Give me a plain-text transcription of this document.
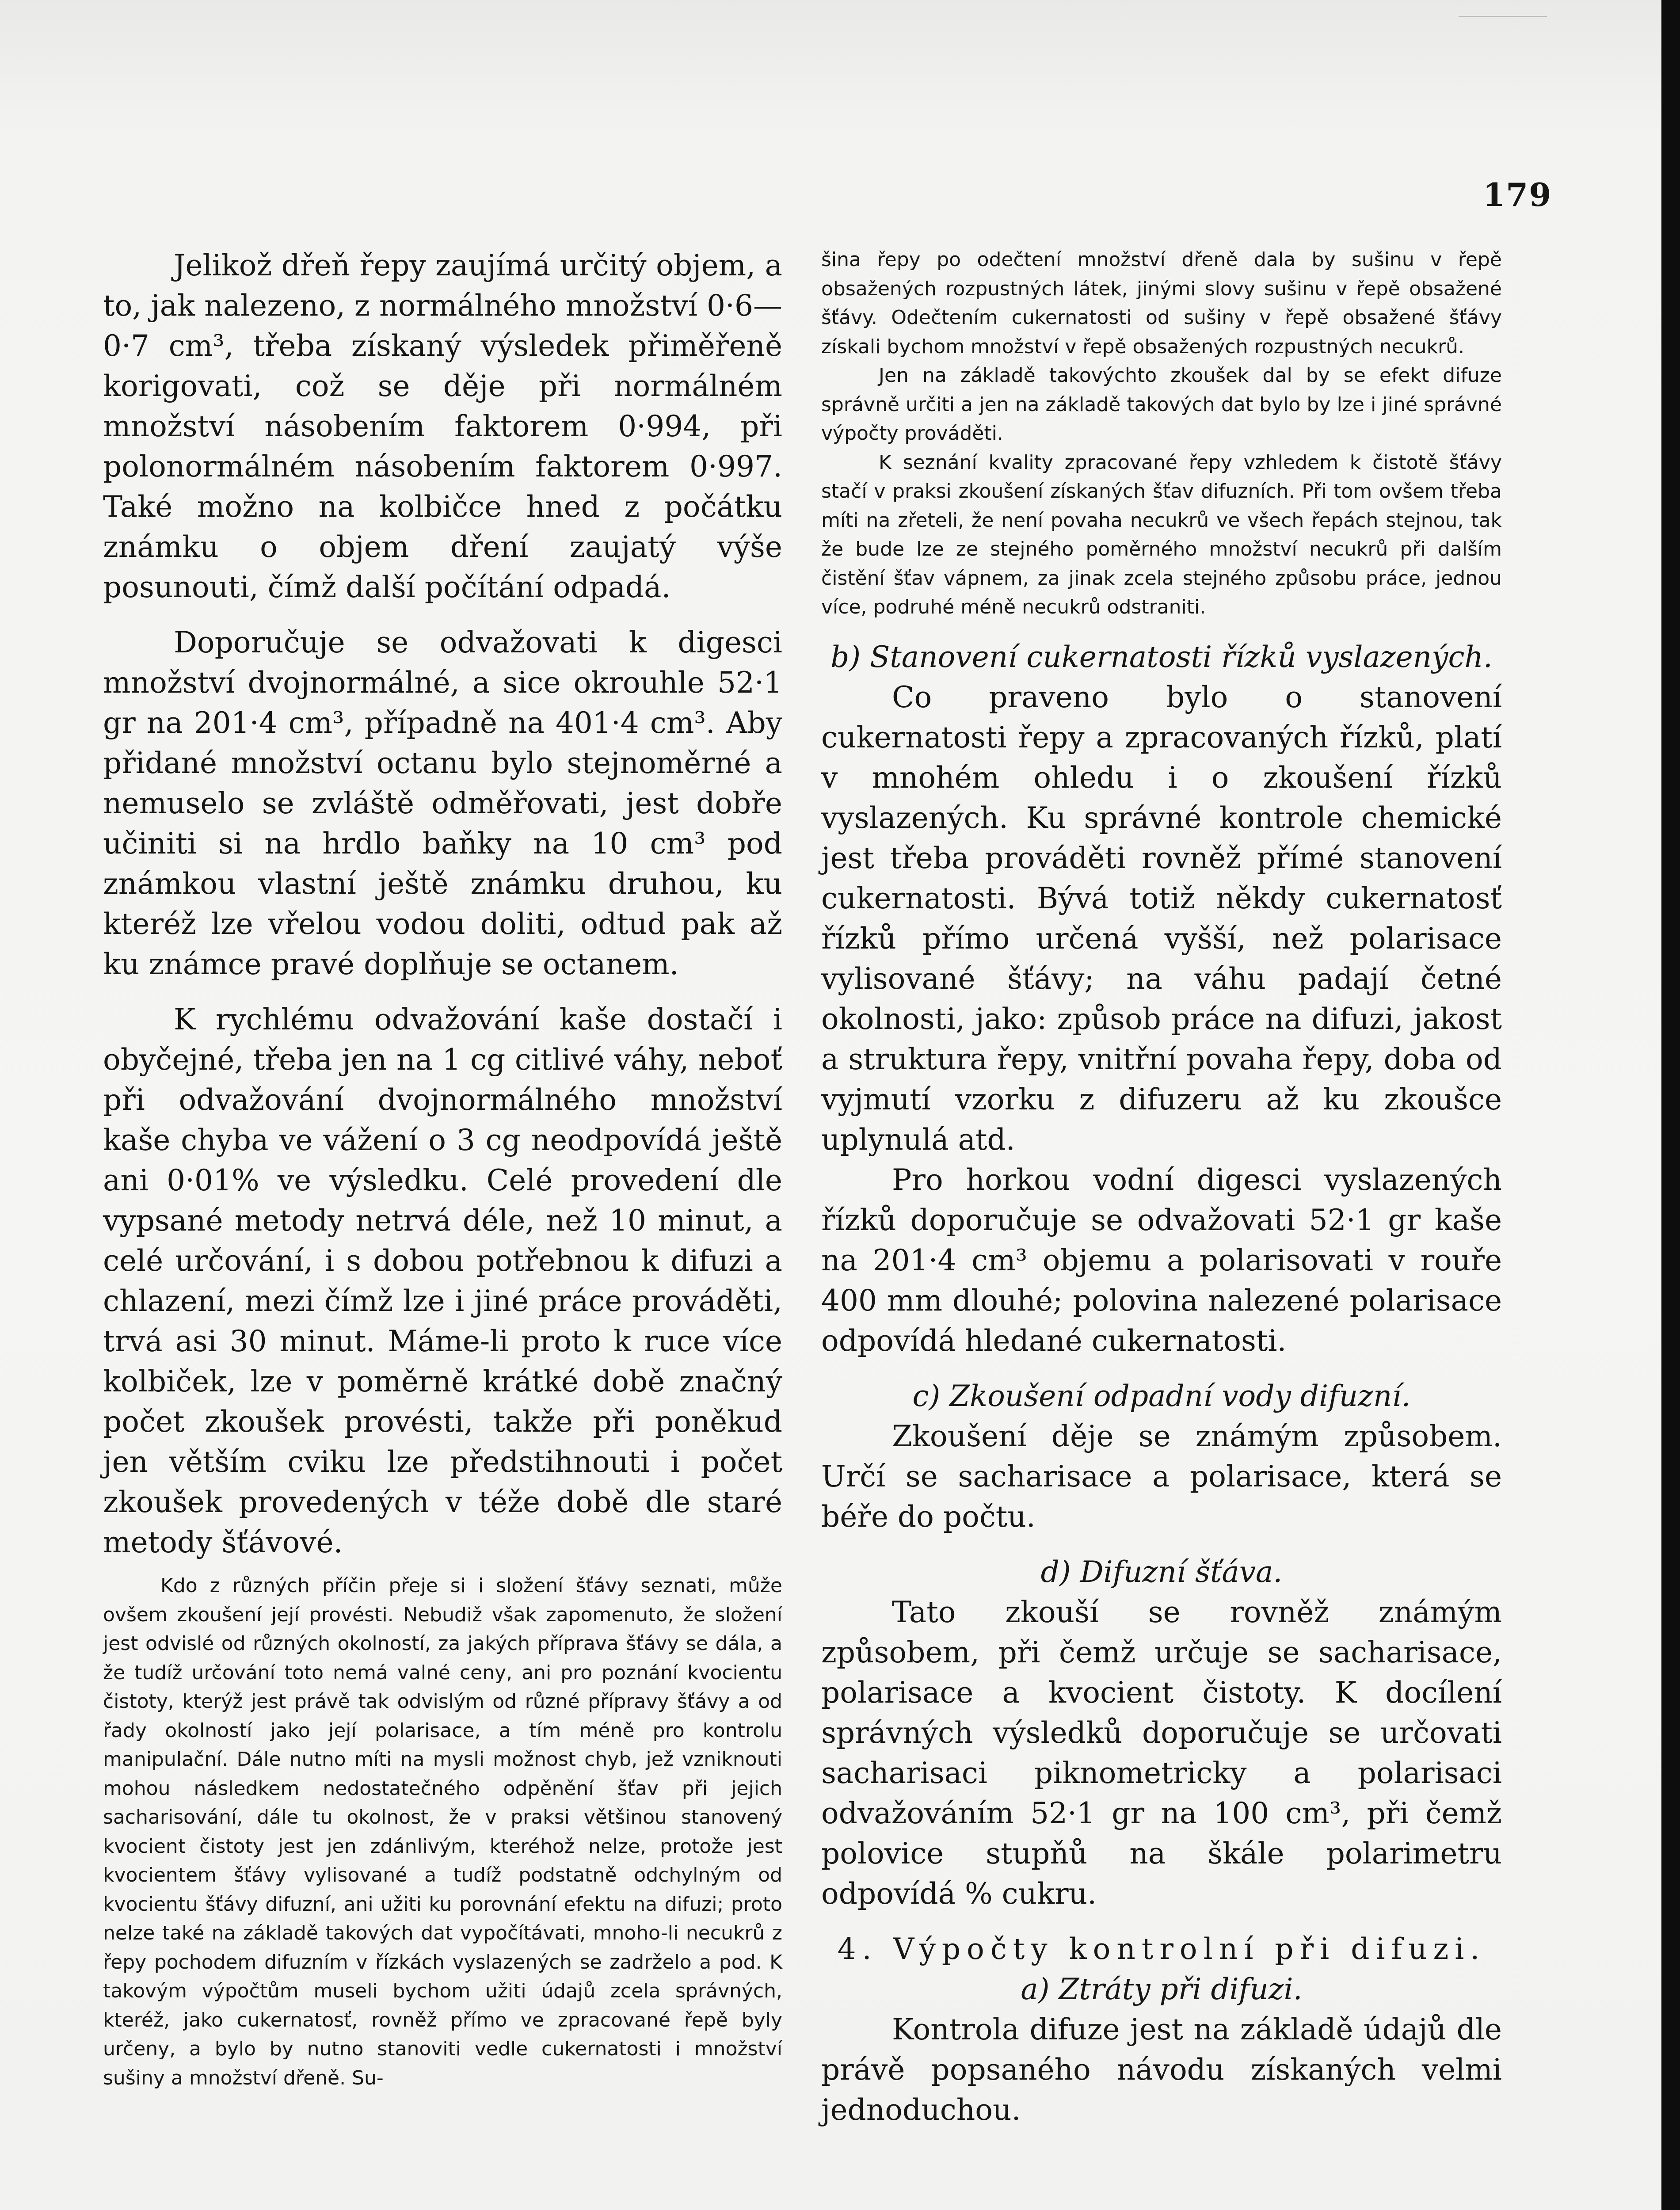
179

Jelikož dřeň řepy zaujímá určitý objem, a to, jak nalezeno, z normálného množství 0·6—0·7 cm³, třeba získaný výsledek přiměřeně korigovati, což se děje při normálném množství násobením faktorem 0·994, při polonormálném násobením faktorem 0·997. Také možno na kolbičce hned z počátku známku o objem dření zaujatý výše posunouti, čímž další počítání odpadá.

Doporučuje se odvažovati k digesci množství dvojnormálné, a sice okrouhle 52·1 gr na 201·4 cm³, případně na 401·4 cm³. Aby přidané množství octanu bylo stejnoměrné a nemuselo se zvláště odměřovati, jest dobře učiniti si na hrdlo baňky na 10 cm³ pod známkou vlastní ještě známku druhou, ku kteréž lze vřelou vodou doliti, odtud pak až ku známce pravé doplňuje se octanem.

K rychlému odvažování kaše dostačí i obyčejné, třeba jen na 1 cg citlivé váhy, neboť při odvažování dvojnormálného množství kaše chyba ve vážení o 3 cg neodpovídá ještě ani 0·01% ve výsledku. Celé provedení dle vypsané metody netrvá déle, než 10 minut, a celé určování, i s dobou potřebnou k difuzi a chlazení, mezi čímž lze i jiné práce prováděti, trvá asi 30 minut. Máme-li proto k ruce více kolbiček, lze v poměrně krátké době značný počet zkoušek provésti, takže při poněkud jen větším cviku lze předstihnouti i počet zkoušek provedených v téže době dle staré metody šťávové.

Kdo z různých příčin přeje si i složení šťávy seznati, může ovšem zkoušení její provésti. Nebudiž však zapomenuto, že složení jest odvislé od různých okolností, za jakých příprava šťávy se dála, a že tudíž určování toto nemá valné ceny, ani pro poznání kvocientu čistoty, kterýž jest právě tak odvislým od různé přípravy šťávy a od řady okolností jako její polarisace, a tím méně pro kontrolu manipulační. Dále nutno míti na mysli možnost chyb, jež vzniknouti mohou následkem nedostatečného odpěnění šťav při jejich sacharisování, dále tu okolnost, že v praksi většinou stanovený kvocient čistoty jest jen zdánlivým, kteréhož nelze, protože jest kvocientem šťávy vylisované a tudíž podstatně odchylným od kvocientu šťávy difuzní, ani užiti ku porovnání efektu na difuzi; proto nelze také na základě takových dat vypočítávati, mnoho-li necukrů z řepy pochodem difuzním v řízkách vyslazených se zadrželo a pod. K takovým výpočtům museli bychom užiti údajů zcela správných, kteréž, jako cukernatosť, rovněž přímo ve zpracované řepě byly určeny, a bylo by nutno stanoviti vedle cukernatosti i množství sušiny a množství dřeně. Su-

šina řepy po odečtení množství dřeně dala by sušinu v řepě obsažených rozpustných látek, jinými slovy sušinu v řepě obsažené šťávy. Odečtením cukernatosti od sušiny v řepě obsažené šťávy získali bychom množství v řepě obsažených rozpustných necukrů.

Jen na základě takovýchto zkoušek dal by se efekt difuze správně určiti a jen na základě takových dat bylo by lze i jiné správné výpočty prováděti.

K seznání kvality zpracované řepy vzhledem k čistotě šťávy stačí v praksi zkoušení získaných šťav difuzních. Při tom ovšem třeba míti na zřeteli, že není povaha necukrů ve všech řepách stejnou, tak že bude lze ze stejného poměrného množství necukrů při dalším čistění šťav vápnem, za jinak zcela stejného způsobu práce, jednou více, podruhé méně necukrů odstraniti.

b) Stanovení cukernatosti řízků vyslazených.

Co praveno bylo o stanovení cukernatosti řepy a zpracovaných řízků, platí v mnohém ohledu i o zkoušení řízků vyslazených. Ku správné kontrole chemické jest třeba prováděti rovněž přímé stanovení cukernatosti. Bývá totiž někdy cukernatosť řízků přímo určená vyšší, než polarisace vylisované šťávy; na váhu padají četné okolnosti, jako: způsob práce na difuzi, jakost a struktura řepy, vnitřní povaha řepy, doba od vyjmutí vzorku z difuzeru až ku zkoušce uplynulá atd.

Pro horkou vodní digesci vyslazených řízků doporučuje se odvažovati 52·1 gr kaše na 201·4 cm³ objemu a polarisovati v rouře 400 mm dlouhé; polovina nalezené polarisace odpovídá hledané cukernatosti.

c) Zkoušení odpadní vody difuzní.

Zkoušení děje se známým způsobem. Určí se sacharisace a polarisace, která se béře do počtu.

d) Difuzní šťáva.

Tato zkouší se rovněž známým způsobem, při čemž určuje se sacharisace, polarisace a kvocient čistoty. K docílení správných výsledků doporučuje se určovati sacharisaci piknometricky a polarisaci odvažováním 52·1 gr na 100 cm³, při čemž polovice stupňů na škále polarimetru odpovídá % cukru.

4. Výpočty kontrolní při difuzi.

a) Ztráty při difuzi.

Kontrola difuze jest na základě údajů dle právě popsaného návodu získaných velmi jednoduchou.
